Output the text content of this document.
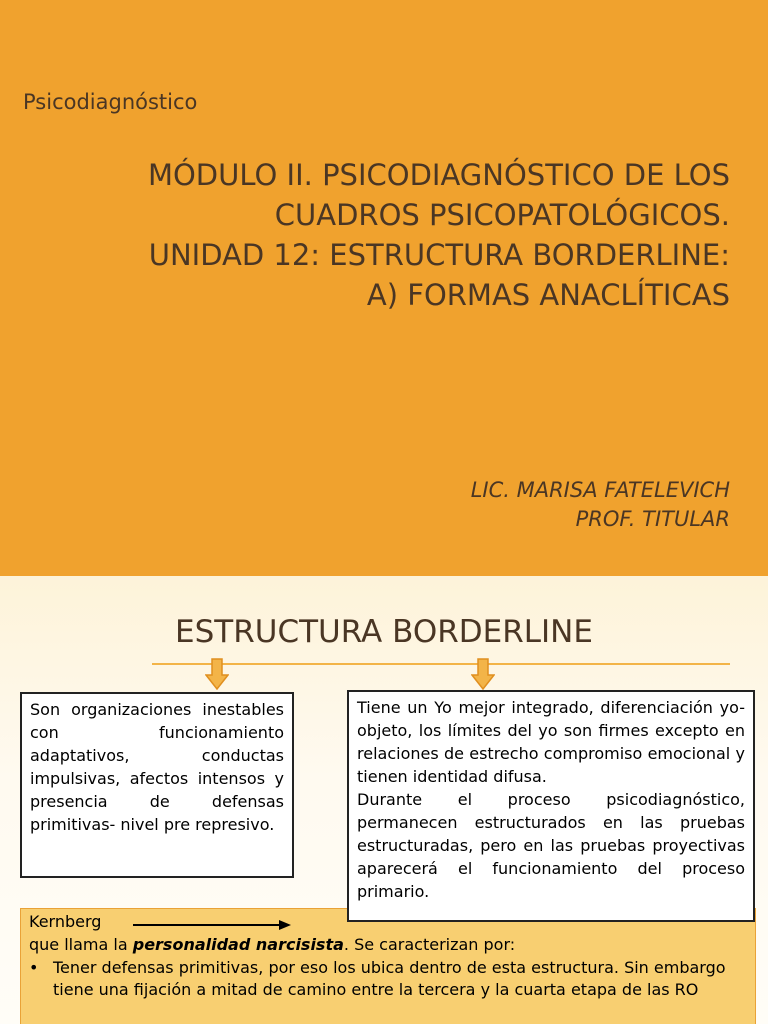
Psicodiagnóstico
MÓDULO II. PSICODIAGNÓSTICO DE LOS
CUADROS PSICOPATOLÓGICOS.
UNIDAD 12: ESTRUCTURA BORDERLINE:
A) FORMAS ANACLÍTICAS
LIC. MARISA FATELEVICH
PROF. TITULAR
ESTRUCTURA BORDERLINE
Kernberg
que llama la personalidad narcisista. Se caracterizan por:
• Tener defensas primitivas, por eso los ubica dentro de esta estructura. Sin embargo tiene una fijación a mitad de camino entre la tercera y la cuarta etapa de las RO

Son organizaciones inestables con funcionamiento adaptativos, conductas impulsivas, afectos intensos y presencia de defensas primitivas- nivel pre represivo.

Tiene un Yo mejor integrado, diferenciación yo-objeto, los límites del yo son firmes excepto en relaciones de estrecho compromiso emocional y tienen identidad difusa.

Durante el proceso psicodiagnóstico, permanecen estructurados en las pruebas estructuradas, pero en las pruebas proyectivas aparecerá el funcionamiento del proceso primario.
